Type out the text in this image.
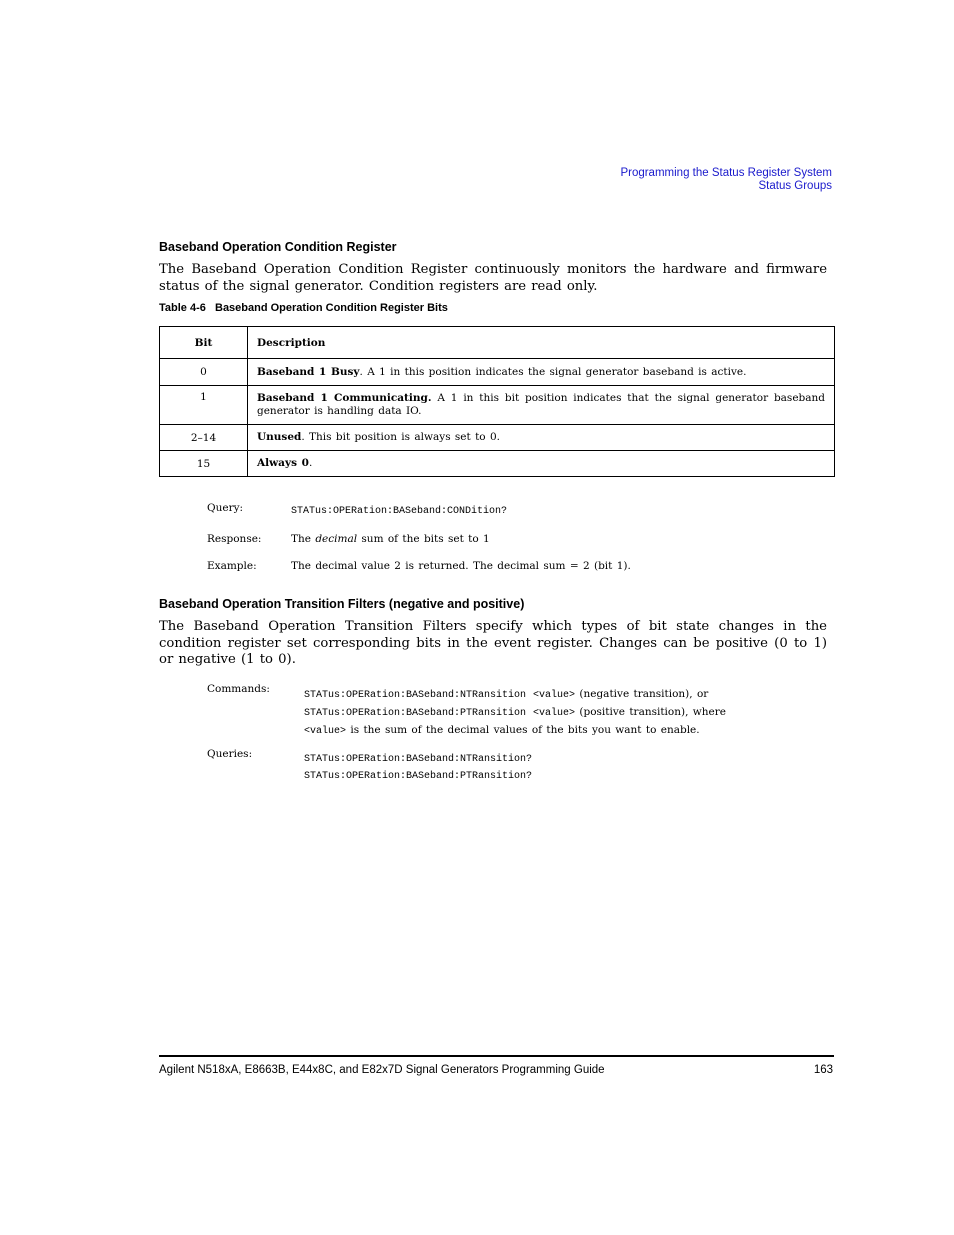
Programming the Status Register System
Status Groups
Baseband Operation Condition Register
The Baseband Operation Condition Register continuously monitors the hardware and firmware status of the signal generator. Condition registers are read only.
Table 4-6 Baseband Operation Condition Register Bits
Bit	Description
0	Baseband 1 Busy. A 1 in this position indicates the signal generator baseband is active.
1	Baseband 1 Communicating. A 1 in this bit position indicates that the signal generator baseband generator is handling data IO.
2–14	Unused. This bit position is always set to 0.
15	Always 0.
Query:	STATus:OPERation:BASeband:CONDition?
Response:	The decimal sum of the bits set to 1
Example:	The decimal value 2 is returned. The decimal sum = 2 (bit 1).
Baseband Operation Transition Filters (negative and positive)
The Baseband Operation Transition Filters specify which types of bit state changes in the condition register set corresponding bits in the event register. Changes can be positive (0 to 1) or negative (1 to 0).
Commands:
STATus:OPERation:BASeband:NTRansition <value> (negative transition), or
STATus:OPERation:BASeband:PTRansition <value> (positive transition), where
<value> is the sum of the decimal values of the bits you want to enable.
Queries:	STATus:OPERation:BASeband:NTRansition?
STATus:OPERation:BASeband:PTRansition?
Agilent N518xA, E8663B, E44x8C, and E82x7D Signal Generators Programming Guide	163
